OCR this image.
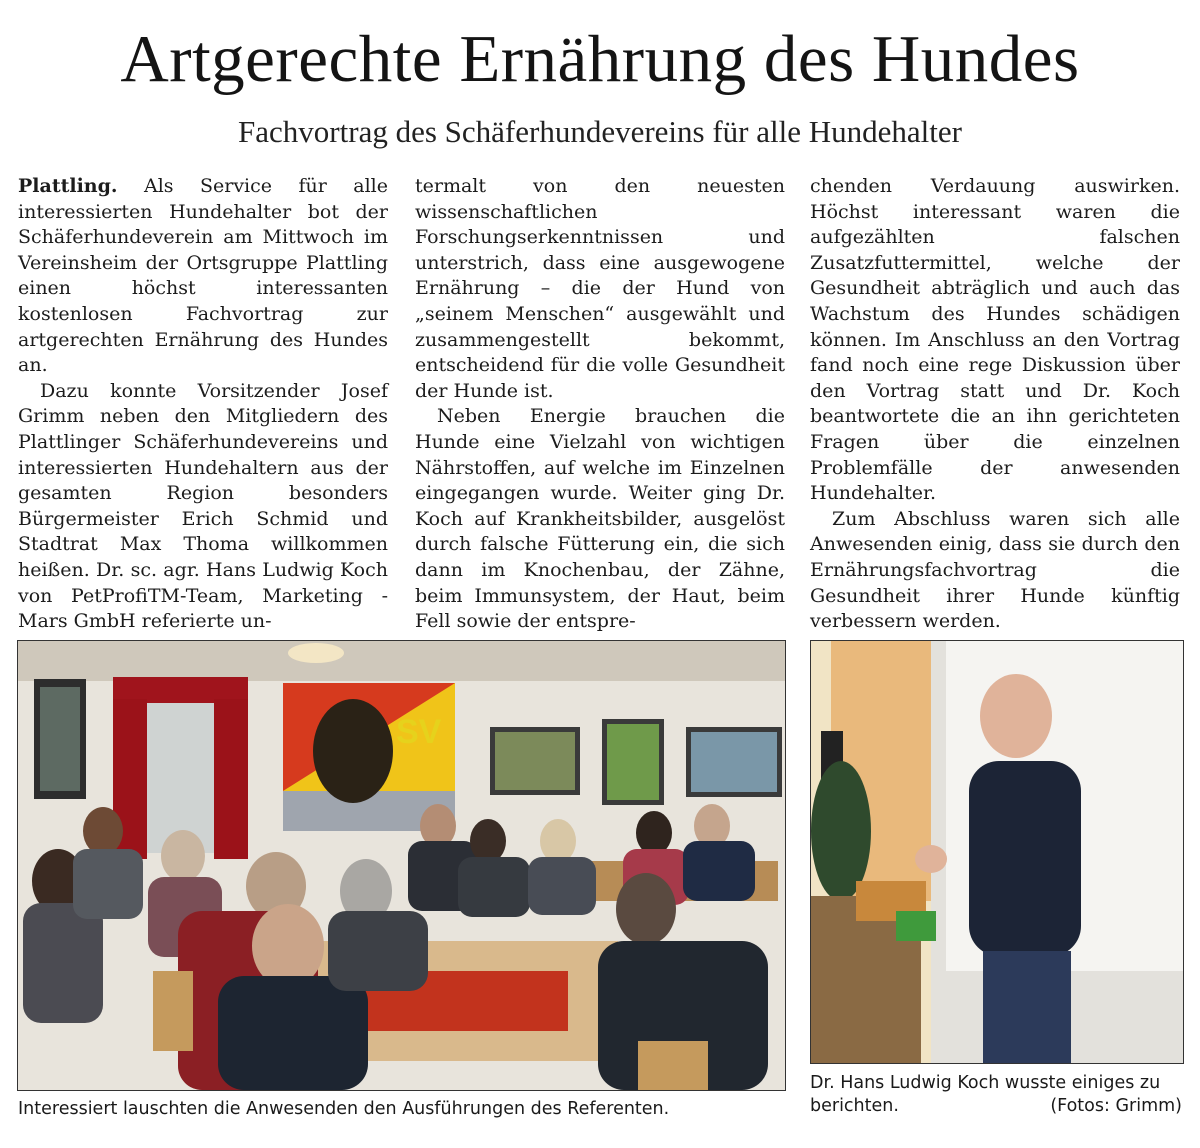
Artgerechte Ernährung des Hundes
Fachvortrag des Schäferhundevereins für alle Hundehalter

Plattling. Als Service für alle interessierten Hundehalter bot der Schäferhundeverein am Mittwoch im Vereinsheim der Ortsgruppe Plattling einen höchst interessanten kostenlosen Fachvortrag zur artgerechten Ernährung des Hundes an.

Dazu konnte Vorsitzender Josef Grimm neben den Mitgliedern des Plattlinger Schäferhundevereins und interessierten Hundehaltern aus der gesamten Region besonders Bürgermeister Erich Schmid und Stadtrat Max Thoma willkommen heißen. Dr. sc. agr. Hans Ludwig Koch von PetProfiTM-Team, Marketing - Mars GmbH referierte un-

termalt von den neuesten wissenschaftlichen Forschungserkenntnissen und unterstrich, dass eine ausgewogene Ernährung – die der Hund von „seinem Menschen“ ausgewählt und zusammengestellt bekommt, entscheidend für die volle Gesundheit der Hunde ist.

Neben Energie brauchen die Hunde eine Vielzahl von wichtigen Nährstoffen, auf welche im Einzelnen eingegangen wurde. Weiter ging Dr. Koch auf Krankheitsbilder, ausgelöst durch falsche Fütterung ein, die sich dann im Knochenbau, der Zähne, beim Immunsystem, der Haut, beim Fell sowie der entspre-

chenden Verdauung auswirken. Höchst interessant waren die aufgezählten falschen Zusatzfuttermittel, welche der Gesundheit abträglich und auch das Wachstum des Hundes schädigen können. Im Anschluss an den Vortrag fand noch eine rege Diskussion über den Vortrag statt und Dr. Koch beantwortete die an ihn gerichteten Fragen über die einzelnen Problemfälle der anwesenden Hundehalter.

Zum Abschluss waren sich alle Anwesenden einig, dass sie durch den Ernährungsfachvortrag die Gesundheit ihrer Hunde künftig verbessern werden.

SV
Interessiert lauschten die Anwesenden den Ausführungen des Referenten.
Dr. Hans Ludwig Koch wusste einiges zu berichten.	(Fotos: Grimm)
